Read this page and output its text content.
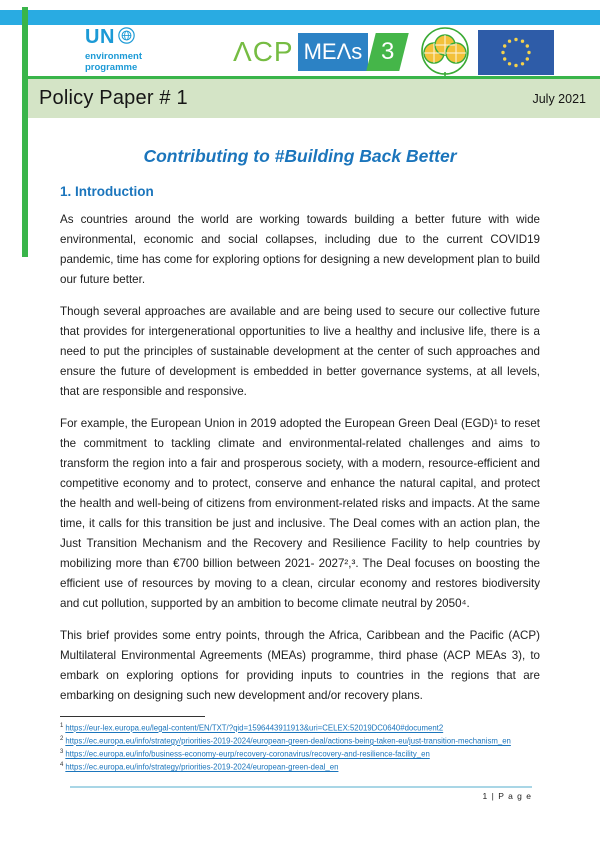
UN
environment
programme
ΛCP MEΛs 3
Policy Paper # 1	July 2021
Contributing to #Building Back Better
1. Introduction

As countries around the world are working towards building a better future with wide environmental, economic and social collapses, including due to the current COVID19 pandemic, time has come for exploring options for designing a new development plan to build our future better.

Though several approaches are available and are being used to secure our collective future that provides for intergenerational opportunities to live a healthy and inclusive life, there is a need to put the principles of sustainable development at the center of such approaches and ensure the future of development is embedded in better governance systems, at all levels, that are responsible and responsive.

For example, the European Union in 2019 adopted the European Green Deal (EGD)¹ to reset the commitment to tackling climate and environmental-related challenges and aims to transform the region into a fair and prosperous society, with a modern, resource-efficient and competitive economy and to protect, conserve and enhance the natural capital, and protect the health and well-being of citizens from environment-related risks and impacts. At the same time, it calls for this transition be just and inclusive. The Deal comes with an action plan, the Just Transition Mechanism and the Recovery and Resilience Facility to help countries by mobilizing more than €700 billion between 2021- 2027²,³. The Deal focuses on boosting the efficient use of resources by moving to a clean, circular economy and restores biodiversity and cut pollution, supported by an ambition to become climate neutral by 2050⁴.

This brief provides some entry points, through the Africa, Caribbean and the Pacific (ACP) Multilateral Environmental Agreements (MEAs) programme, third phase (ACP MEAs 3), to embark on exploring options for providing inputs to countries in the regions that are embarking on designing such new development and/or recovery plans.

$^1$ https://eur-lex.europa.eu/legal-content/EN/TXT/?qid=1596443911913&uri=CELEX:52019DC0640#document2
$^2$ https://ec.europa.eu/info/strategy/priorities-2019-2024/european-green-deal/actions-being-taken-eu/just-transition-mechanism_en
$^3$ https://ec.europa.eu/info/business-economy-eurp/recovery-coronavirus/recovery-and-resilience-facility_en
$^4$ https://ec.europa.eu/info/strategy/priorities-2019-2024/european-green-deal_en
1 | P a g e
